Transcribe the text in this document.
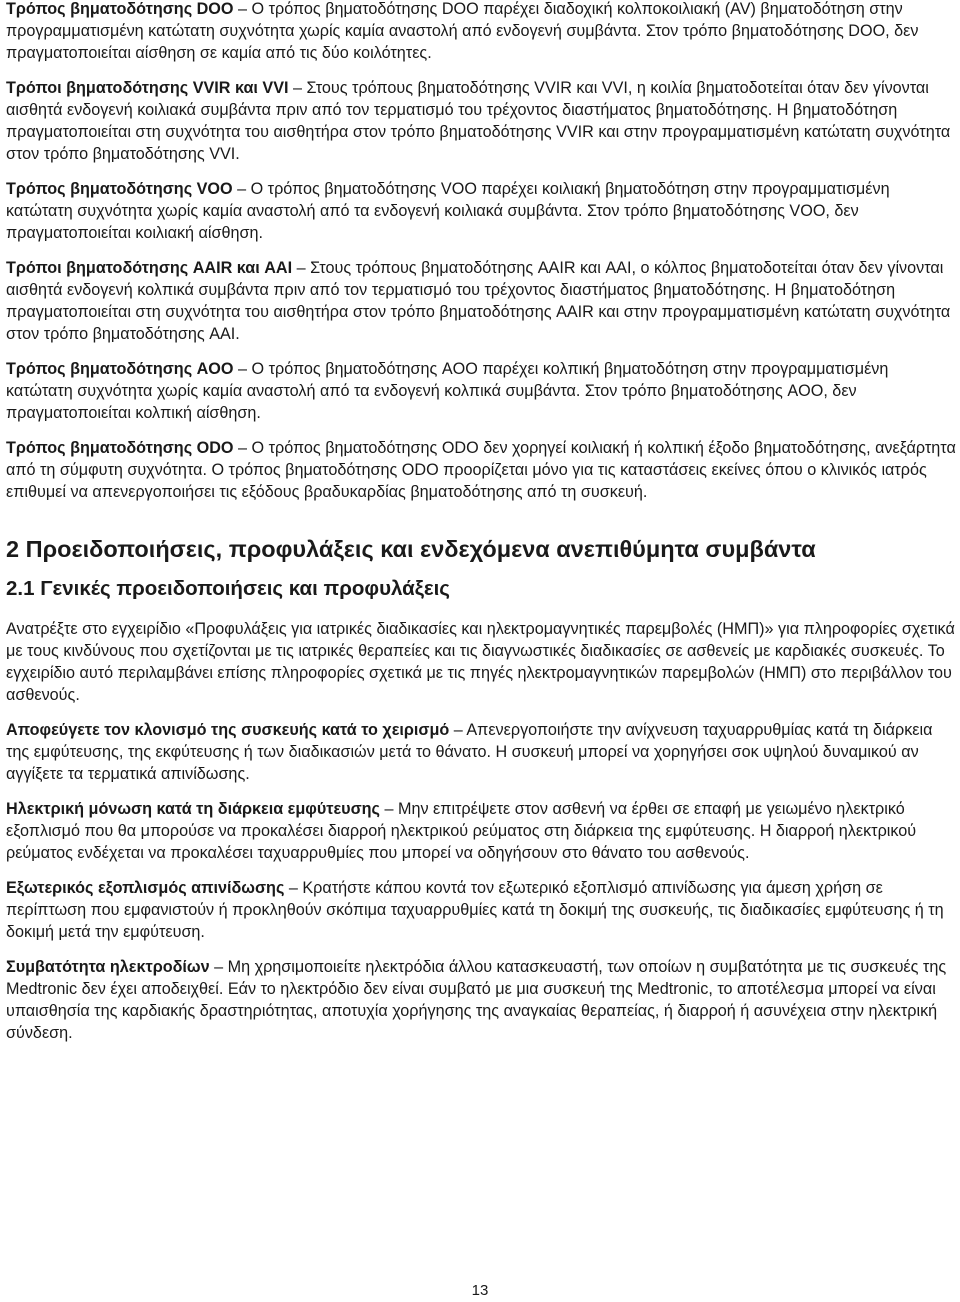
Τρόπος βηματοδότησης DOO – Ο τρόπος βηματοδότησης DOO παρέχει διαδοχική κολποκοιλιακή (AV) βηματοδότηση στην προγραμματισμένη κατώτατη συχνότητα χωρίς καμία αναστολή από ενδογενή συμβάντα. Στον τρόπο βηματοδότησης DOO, δεν πραγματοποιείται αίσθηση σε καμία από τις δύο κοιλότητες.

Τρόποι βηματοδότησης VVIR και VVI – Στους τρόπους βηματοδότησης VVIR και VVI, η κοιλία βηματοδοτείται όταν δεν γίνονται αισθητά ενδογενή κοιλιακά συμβάντα πριν από τον τερματισμό του τρέχοντος διαστήματος βηματοδότησης. Η βηματοδότηση πραγματοποιείται στη συχνότητα του αισθητήρα στον τρόπο βηματοδότησης VVIR και στην προγραμματισμένη κατώτατη συχνότητα στον τρόπο βηματοδότησης VVI.

Τρόπος βηματοδότησης VOO – Ο τρόπος βηματοδότησης VOO παρέχει κοιλιακή βηματοδότηση στην προγραμματισμένη κατώτατη συχνότητα χωρίς καμία αναστολή από τα ενδογενή κοιλιακά συμβάντα. Στον τρόπο βηματοδότησης VOO, δεν πραγματοποιείται κοιλιακή αίσθηση.

Τρόποι βηματοδότησης AAIR και AAI – Στους τρόπους βηματοδότησης AAIR και AAI, ο κόλπος βηματοδοτείται όταν δεν γίνονται αισθητά ενδογενή κολπικά συμβάντα πριν από τον τερματισμό του τρέχοντος διαστήματος βηματοδότησης. Η βηματοδότηση πραγματοποιείται στη συχνότητα του αισθητήρα στον τρόπο βηματοδότησης AAIR και στην προγραμματισμένη κατώτατη συχνότητα στον τρόπο βηματοδότησης AAI.

Τρόπος βηματοδότησης AOO – Ο τρόπος βηματοδότησης AOO παρέχει κολπική βηματοδότηση στην προγραμματισμένη κατώτατη συχνότητα χωρίς καμία αναστολή από τα ενδογενή κολπικά συμβάντα. Στον τρόπο βηματοδότησης AOO, δεν πραγματοποιείται κολπική αίσθηση.

Τρόπος βηματοδότησης ODO – Ο τρόπος βηματοδότησης ODO δεν χορηγεί κοιλιακή ή κολπική έξοδο βηματοδότησης, ανεξάρτητα από τη σύμφυτη συχνότητα. Ο τρόπος βηματοδότησης ODO προορίζεται μόνο για τις καταστάσεις εκείνες όπου ο κλινικός ιατρός επιθυμεί να απενεργοποιήσει τις εξόδους βραδυκαρδίας βηματοδότησης από τη συσκευή.

2 Προειδοποιήσεις, προφυλάξεις και ενδεχόμενα ανεπιθύμητα συμβάντα
2.1 Γενικές προειδοποιήσεις και προφυλάξεις

Ανατρέξτε στο εγχειρίδιο «Προφυλάξεις για ιατρικές διαδικασίες και ηλεκτρομαγνητικές παρεμβολές (ΗΜΠ)» για πληροφορίες σχετικά με τους κινδύνους που σχετίζονται με τις ιατρικές θεραπείες και τις διαγνωστικές διαδικασίες σε ασθενείς με καρδιακές συσκευές. Το εγχειρίδιο αυτό περιλαμβάνει επίσης πληροφορίες σχετικά με τις πηγές ηλεκτρομαγνητικών παρεμβολών (ΗΜΠ) στο περιβάλλον του ασθενούς.

Αποφεύγετε τον κλονισμό της συσκευής κατά το χειρισμό – Απενεργοποιήστε την ανίχνευση ταχυαρρυθμίας κατά τη διάρκεια της εμφύτευσης, της εκφύτευσης ή των διαδικασιών μετά το θάνατο. Η συσκευή μπορεί να χορηγήσει σοκ υψηλού δυναμικού αν αγγίξετε τα τερματικά απινίδωσης.

Ηλεκτρική μόνωση κατά τη διάρκεια εμφύτευσης – Μην επιτρέψετε στον ασθενή να έρθει σε επαφή με γειωμένο ηλεκτρικό εξοπλισμό που θα μπορούσε να προκαλέσει διαρροή ηλεκτρικού ρεύματος στη διάρκεια της εμφύτευσης. Η διαρροή ηλεκτρικού ρεύματος ενδέχεται να προκαλέσει ταχυαρρυθμίες που μπορεί να οδηγήσουν στο θάνατο του ασθενούς.

Εξωτερικός εξοπλισμός απινίδωσης – Κρατήστε κάπου κοντά τον εξωτερικό εξοπλισμό απινίδωσης για άμεση χρήση σε περίπτωση που εμφανιστούν ή προκληθούν σκόπιμα ταχυαρρυθμίες κατά τη δοκιμή της συσκευής, τις διαδικασίες εμφύτευσης ή τη δοκιμή μετά την εμφύτευση.

Συμβατότητα ηλεκτροδίων – Μη χρησιμοποιείτε ηλεκτρόδια άλλου κατασκευαστή, των οποίων η συμβατότητα με τις συσκευές της Medtronic δεν έχει αποδειχθεί. Εάν το ηλεκτρόδιο δεν είναι συμβατό με μια συσκευή της Medtronic, το αποτέλεσμα μπορεί να είναι υπαισθησία της καρδιακής δραστηριότητας, αποτυχία χορήγησης της αναγκαίας θεραπείας, ή διαρροή ή ασυνέχεια στην ηλεκτρική σύνδεση.

13
